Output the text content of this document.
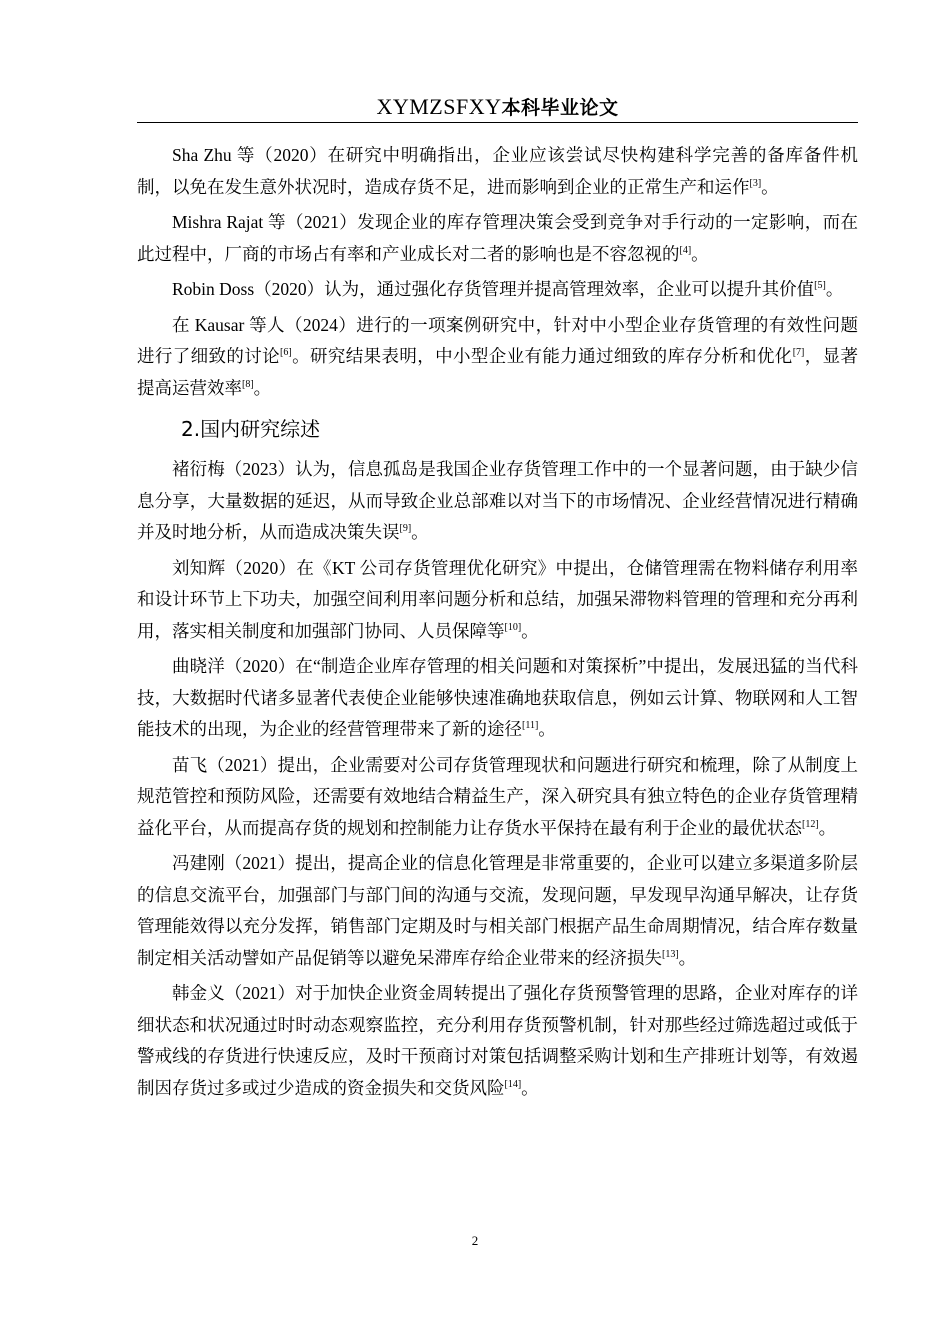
XYMZSFXY本科毕业论文

Sha Zhu 等（2020）在研究中明确指出，企业应该尝试尽快构建科学完善的备库备件机制，以免在发生意外状况时，造成存货不足，进而影响到企业的正常生产和运作[3]。

Mishra Rajat 等（2021）发现企业的库存管理决策会受到竞争对手行动的一定影响，而在此过程中，厂商的市场占有率和产业成长对二者的影响也是不容忽视的[4]。

Robin Doss（2020）认为，通过强化存货管理并提高管理效率，企业可以提升其价值[5]。

在 Kausar 等人（2024）进行的一项案例研究中，针对中小型企业存货管理的有效性问题进行了细致的讨论[6]。研究结果表明，中小型企业有能力通过细致的库存分析和优化[7]，显著提高运营效率[8]。

2.国内研究综述

褚衍梅（2023）认为，信息孤岛是我国企业存货管理工作中的一个显著问题，由于缺少信息分享，大量数据的延迟，从而导致企业总部难以对当下的市场情况、企业经营情况进行精确并及时地分析，从而造成决策失误[9]。

刘知辉（2020）在《KT 公司存货管理优化研究》中提出，仓储管理需在物料储存利用率和设计环节上下功夫，加强空间利用率问题分析和总结，加强呆滞物料管理的管理和充分再利用，落实相关制度和加强部门协同、人员保障等[10]。

曲晓洋（2020）在“制造企业库存管理的相关问题和对策探析”中提出，发展迅猛的当代科技，大数据时代诸多显著代表使企业能够快速准确地获取信息，例如云计算、物联网和人工智能技术的出现，为企业的经营管理带来了新的途径[11]。

苗飞（2021）提出，企业需要对公司存货管理现状和问题进行研究和梳理，除了从制度上规范管控和预防风险，还需要有效地结合精益生产，深入研究具有独立特色的企业存货管理精益化平台，从而提高存货的规划和控制能力让存货水平保持在最有利于企业的最优状态[12]。

冯建刚（2021）提出，提高企业的信息化管理是非常重要的，企业可以建立多渠道多阶层的信息交流平台，加强部门与部门间的沟通与交流，发现问题，早发现早沟通早解决，让存货管理能效得以充分发挥，销售部门定期及时与相关部门根据产品生命周期情况，结合库存数量制定相关活动譬如产品促销等以避免呆滞库存给企业带来的经济损失[13]。

韩金义（2021）对于加快企业资金周转提出了强化存货预警管理的思路，企业对库存的详细状态和状况通过时时动态观察监控，充分利用存货预警机制，针对那些经过筛选超过或低于警戒线的存货进行快速反应，及时干预商讨对策包括调整采购计划和生产排班计划等，有效遏制因存货过多或过少造成的资金损失和交货风险[14]。

2
